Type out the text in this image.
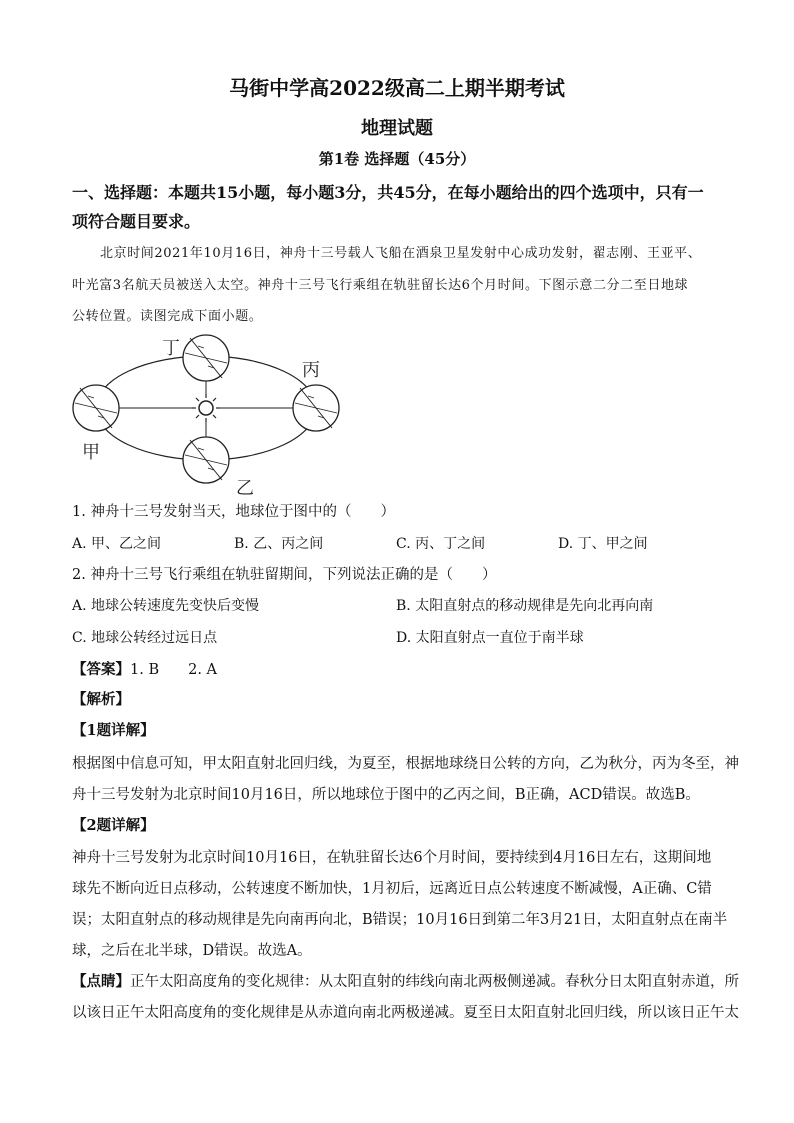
马街中学高2022级高二上期半期考试
地理试题
第1卷 选择题（45分）
一、选择题：本题共15小题，每小题3分，共45分，在每小题给出的四个选项中，只有一
项符合题目要求。
北京时间2021年10月16日，神舟十三号载人飞船在酒泉卫星发射中心成功发射，翟志刚、王亚平、
叶光富3名航天员被送入太空。神舟十三号飞行乘组在轨驻留长达6个月时间。下图示意二分二至日地球
公转位置。读图完成下面小题。
丁
丙
甲
乙
1. 神舟十三号发射当天，地球位于图中的（　　）
A. 甲、乙之间	B. 乙、丙之间	C. 丙、丁之间	D. 丁、甲之间
2. 神舟十三号飞行乘组在轨驻留期间，下列说法正确的是（　　）
A. 地球公转速度先变快后变慢	B. 太阳直射点的移动规律是先向北再向南
C. 地球公转经过远日点	D. 太阳直射点一直位于南半球
【答案】1. B　　2. A
【解析】
【1题详解】
根据图中信息可知，甲太阳直射北回归线，为夏至，根据地球绕日公转的方向，乙为秋分，丙为冬至，神
舟十三号发射为北京时间10月16日，所以地球位于图中的乙丙之间，B正确，ACD错误。故选B。
【2题详解】
神舟十三号发射为北京时间10月16日，在轨驻留长达6个月时间，要持续到4月16日左右，这期间地
球先不断向近日点移动，公转速度不断加快，1月初后，远离近日点公转速度不断减慢，A正确、C错
误；太阳直射点的移动规律是先向南再向北，B错误；10月16日到第二年3月21日，太阳直射点在南半
球，之后在北半球，D错误。故选A。
【点睛】正午太阳高度角的变化规律：从太阳直射的纬线向南北两极侧递减。春秋分日太阳直射赤道，所
以该日正午太阳高度角的变化规律是从赤道向南北两极递减。夏至日太阳直射北回归线，所以该日正午太
